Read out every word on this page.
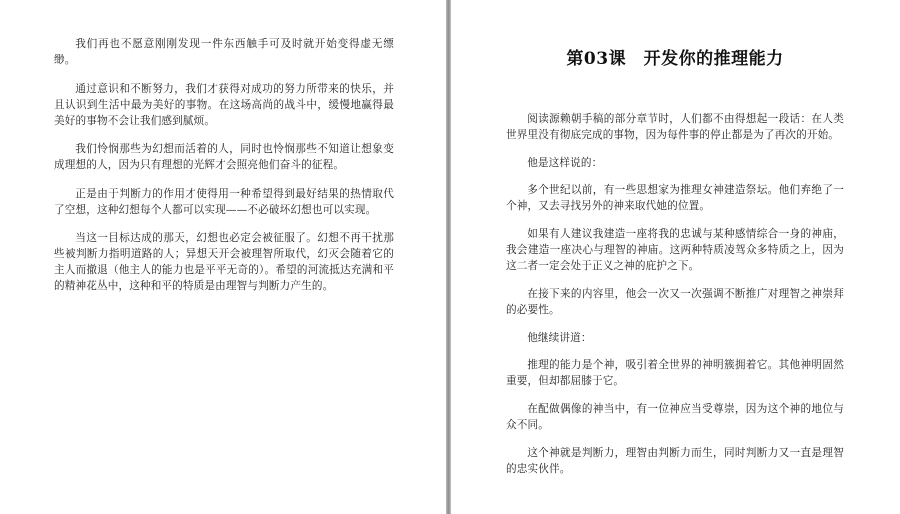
我们再也不愿意刚刚发现一件东西触手可及时就开始变得虚无缥缈。

通过意识和不断努力，我们才获得对成功的努力所带来的快乐，并且认识到生活中最为美好的事物。在这场高尚的战斗中，缓慢地赢得最美好的事物不会让我们感到腻烦。

我们怜悯那些为幻想而活着的人，同时也怜悯那些不知道让想象变成理想的人，因为只有理想的光辉才会照亮他们奋斗的征程。

正是由于判断力的作用才使得用一种希望得到最好结果的热情取代了空想，这种幻想每个人都可以实现——不必破坏幻想也可以实现。

当这一目标达成的那天，幻想也必定会被征服了。幻想不再干扰那些被判断力指明道路的人；异想天开会被理智所取代，幻灭会随着它的主人而撤退（他主人的能力也是平平无奇的）。希望的河流抵达充满和平的精神花丛中，这种和平的特质是由理智与判断力产生的。

第03课　开发你的推理能力

阅读源赖朝手稿的部分章节时，人们都不由得想起一段话：在人类世界里没有彻底完成的事物，因为每件事的停止都是为了再次的开始。

他是这样说的：

多个世纪以前，有一些思想家为推理女神建造祭坛。他们弃绝了一个神，又去寻找另外的神来取代她的位置。

如果有人建议我建造一座将我的忠诚与某种感情综合一身的神庙，我会建造一座决心与理智的神庙。这两种特质凌驾众多特质之上，因为这二者一定会处于正义之神的庇护之下。

在接下来的内容里，他会一次又一次强调不断推广对理智之神崇拜的必要性。

他继续讲道：

推理的能力是个神，吸引着全世界的神明簇拥着它。其他神明固然重要，但却都屈膝于它。

在配做偶像的神当中，有一位神应当受尊崇，因为这个神的地位与众不同。

这个神就是判断力，理智由判断力而生，同时判断力又一直是理智的忠实伙伴。
